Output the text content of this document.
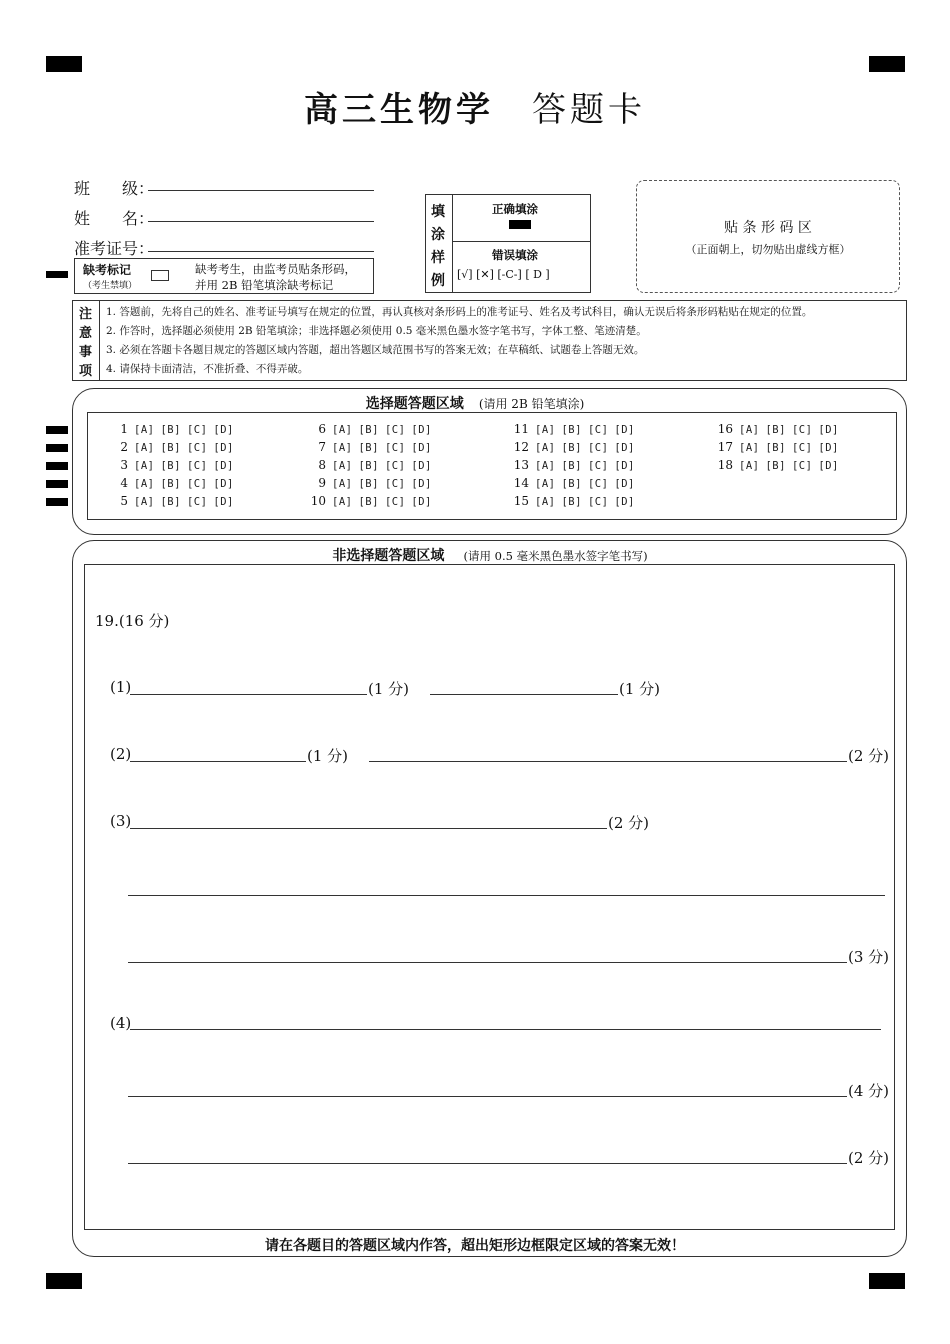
高三生物学 答题卡
班　　级：
姓　　名：
准考证号：
缺考标记
（考生禁填）
缺考考生，由监考员贴条形码，
并用 2B 铅笔填涂缺考标记
填
涂
样
例
正确填涂
错误填涂
[√] [✕] [-C-] [ D ]
贴 条 形 码 区
（正面朝上，切勿贴出虚线方框）
注
意
事
项
1. 答题前，先将自己的姓名、准考证号填写在规定的位置，再认真核对条形码上的准考证号、姓名及考试科目，确认无误后将条形码粘贴在规定的位置。
2. 作答时，选择题必须使用 2B 铅笔填涂；非选择题必须使用 0.5 毫米黑色墨水签字笔书写，字体工整、笔迹清楚。
3. 必须在答题卡各题目规定的答题区域内答题，超出答题区域范围书写的答案无效；在草稿纸、试题卷上答题无效。
4. 请保持卡面清洁，不准折叠、不得弄破。
选择题答题区域 (请用 2B 铅笔填涂)
1 [A] [B] [C] [D]
2 [A] [B] [C] [D]
3 [A] [B] [C] [D]
4 [A] [B] [C] [D]
5 [A] [B] [C] [D]
6 [A] [B] [C] [D]
7 [A] [B] [C] [D]
8 [A] [B] [C] [D]
9 [A] [B] [C] [D]
10 [A] [B] [C] [D]
11 [A] [B] [C] [D]
12 [A] [B] [C] [D]
13 [A] [B] [C] [D]
14 [A] [B] [C] [D]
15 [A] [B] [C] [D]
16 [A] [B] [C] [D]
17 [A] [B] [C] [D]
18 [A] [B] [C] [D]
非选择题答题区域 (请用 0.5 毫米黑色墨水签字笔书写)
19.(16 分)
(1)	(1 分)	(1 分)
(2)	(1 分)	(2 分)
(3)	(2 分)
(3 分)
(4)
(4 分)
(2 分)
请在各题目的答题区域内作答，超出矩形边框限定区域的答案无效！
